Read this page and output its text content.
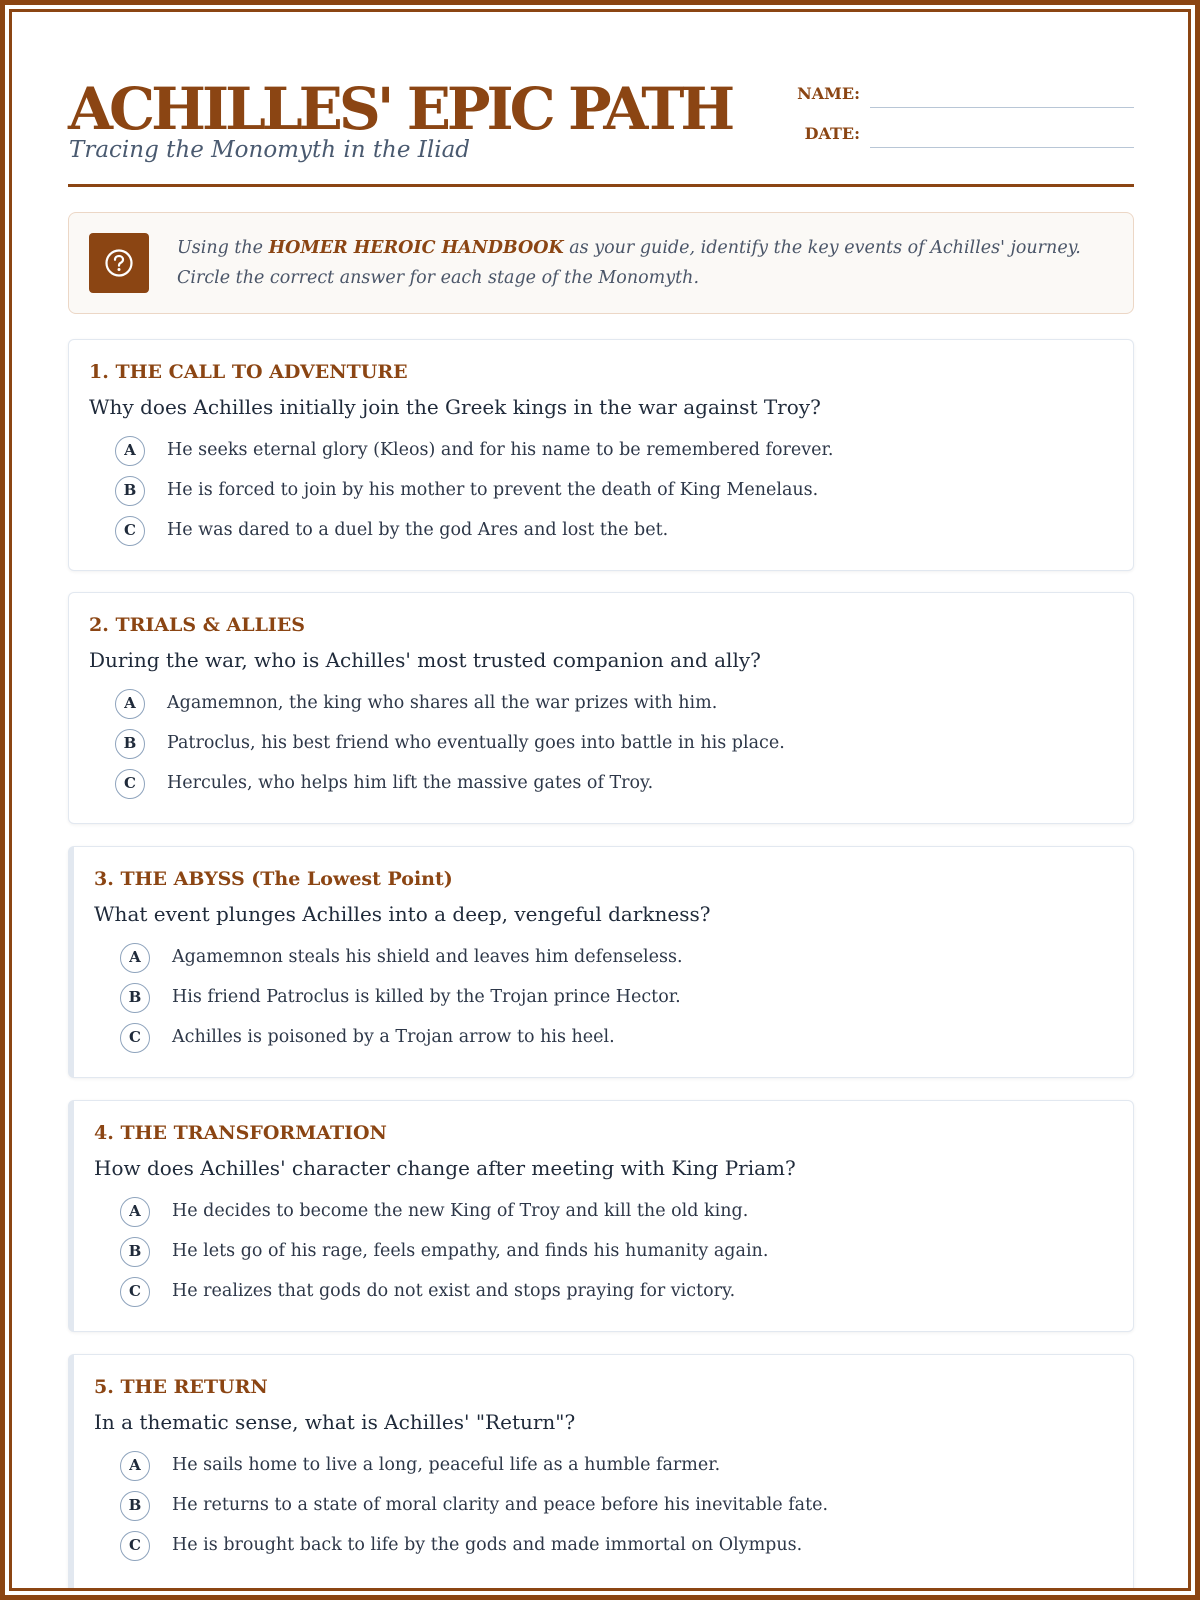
ACHILLES' EPIC PATH
Tracing the Monomyth in the Iliad
NAME:
DATE:
Using the HOMER HEROIC HANDBOOK as your guide, identify the key events of Achilles' journey. Circle the correct answer for each stage of the Monomyth.
1. THE CALL TO ADVENTURE
Why does Achilles initially join the Greek kings in the war against Troy?
A	He seeks eternal glory (Kleos) and for his name to be remembered forever.
B	He is forced to join by his mother to prevent the death of King Menelaus.
C	He was dared to a duel by the god Ares and lost the bet.
2. TRIALS & ALLIES
During the war, who is Achilles' most trusted companion and ally?
A	Agamemnon, the king who shares all the war prizes with him.
B	Patroclus, his best friend who eventually goes into battle in his place.
C	Hercules, who helps him lift the massive gates of Troy.
3. THE ABYSS (The Lowest Point)
What event plunges Achilles into a deep, vengeful darkness?
A	Agamemnon steals his shield and leaves him defenseless.
B	His friend Patroclus is killed by the Trojan prince Hector.
C	Achilles is poisoned by a Trojan arrow to his heel.
4. THE TRANSFORMATION
How does Achilles' character change after meeting with King Priam?
A	He decides to become the new King of Troy and kill the old king.
B	He lets go of his rage, feels empathy, and finds his humanity again.
C	He realizes that gods do not exist and stops praying for victory.
5. THE RETURN
In a thematic sense, what is Achilles' "Return"?
A	He sails home to live a long, peaceful life as a humble farmer.
B	He returns to a state of moral clarity and peace before his inevitable fate.
C	He is brought back to life by the gods and made immortal on Olympus.
